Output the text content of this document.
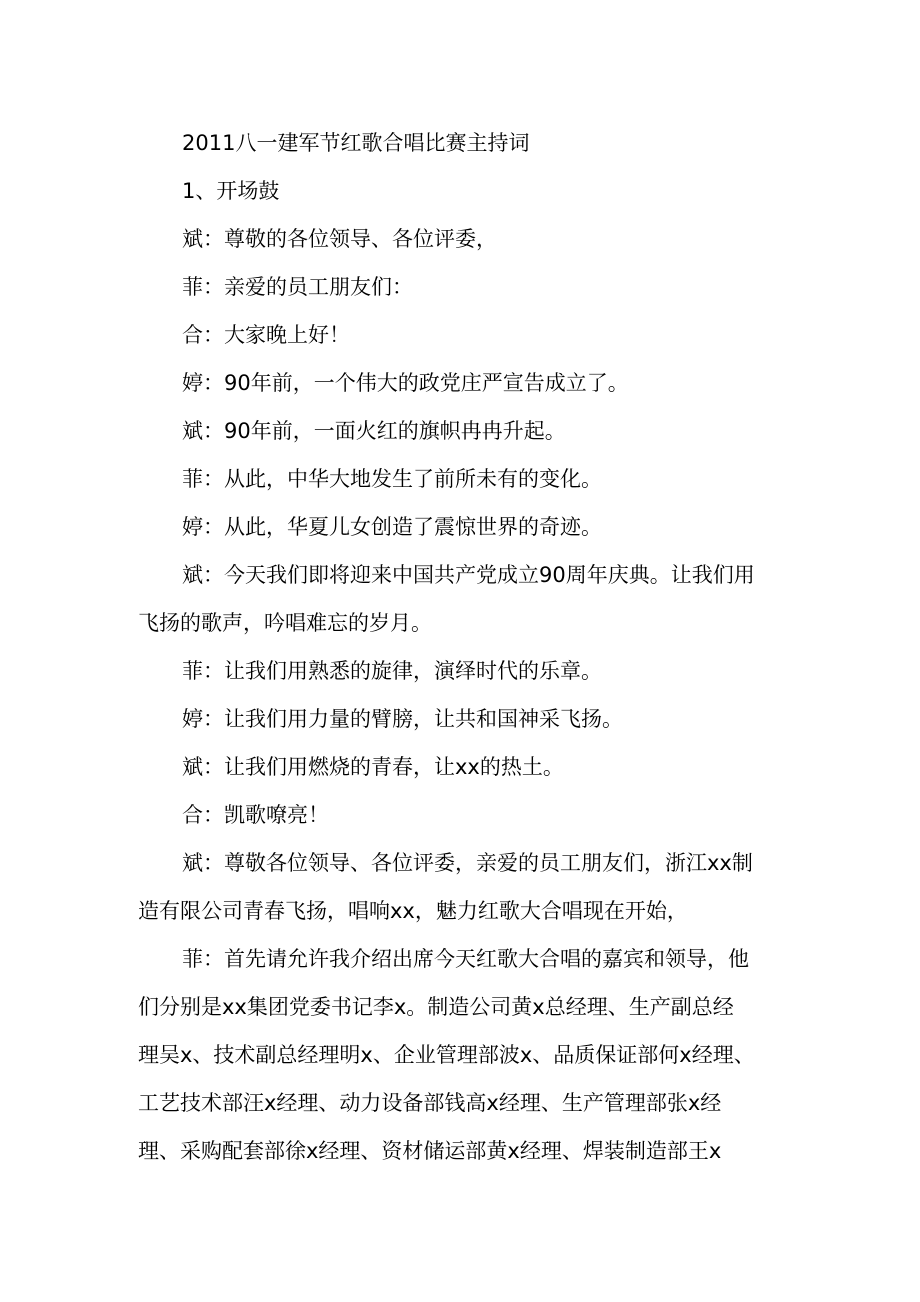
2011八一建军节红歌合唱比赛主持词

1、开场鼓
斌：尊敬的各位领导、各位评委，
菲：亲爱的员工朋友们：
合：大家晚上好！
婷：90年前，一个伟大的政党庄严宣告成立了。
斌：90年前，一面火红的旗帜冉冉升起。
菲：从此，中华大地发生了前所未有的变化。
婷：从此，华夏儿女创造了震惊世界的奇迹。
斌：今天我们即将迎来中国共产党成立90周年庆典。让我们用
飞扬的歌声，吟唱难忘的岁月。
菲：让我们用熟悉的旋律，演绎时代的乐章。
婷：让我们用力量的臂膀，让共和国神采飞扬。
斌：让我们用燃烧的青春，让xx的热土。
合：凯歌嘹亮！
斌：尊敬各位领导、各位评委，亲爱的员工朋友们，浙江xx制
造有限公司青春飞扬，唱响xx，魅力红歌大合唱现在开始，
菲：首先请允许我介绍出席今天红歌大合唱的嘉宾和领导，他
们分别是xx集团党委书记李x。制造公司黄x总经理、生产副总经
理吴x、技术副总经理明x、企业管理部波x、品质保证部何x经理、
工艺技术部汪x经理、动力设备部钱高x经理、生产管理部张x经
理、采购配套部徐x经理、资材储运部黄x经理、焊装制造部王x
